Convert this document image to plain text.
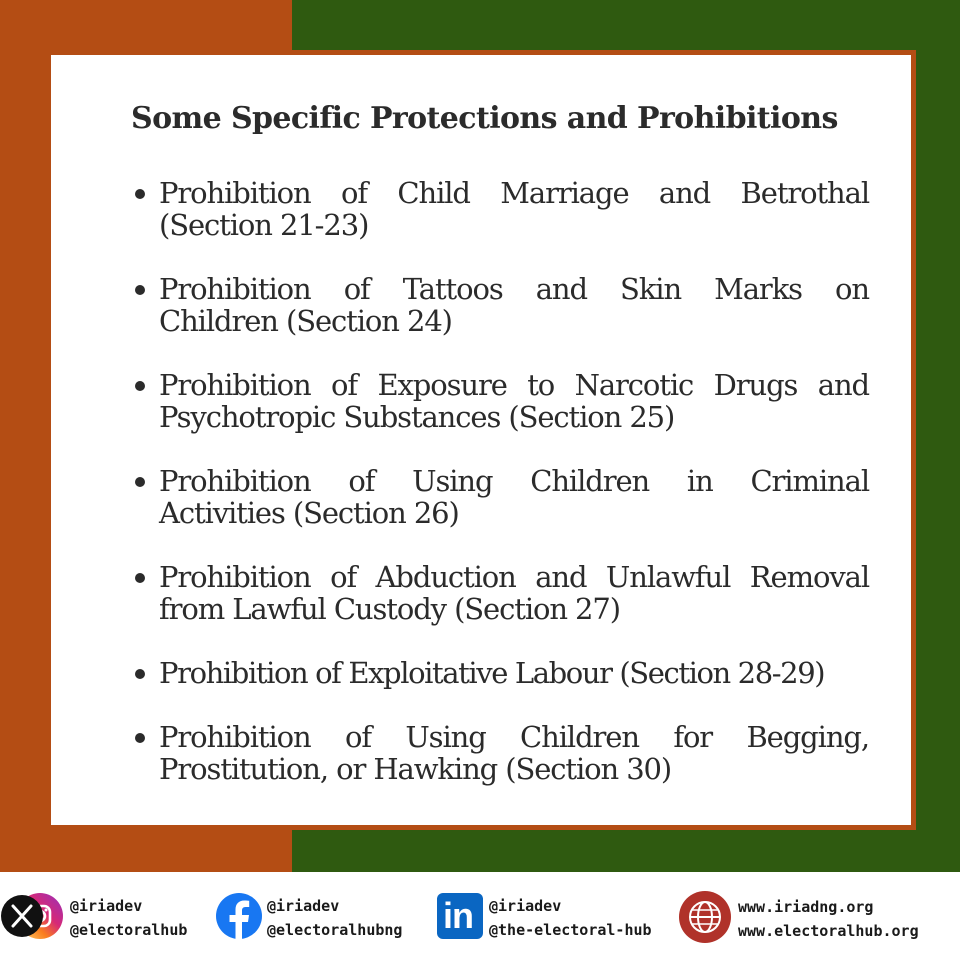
Some Specific Protections and Prohibitions
Prohibition of Child Marriage and Betrothal
(Section 21-23)
Prohibition of Tattoos and Skin Marks on
Children (Section 24)
Prohibition of Exposure to Narcotic Drugs and
Psychotropic Substances (Section 25)
Prohibition of Using Children in Criminal
Activities (Section 26)
Prohibition of Abduction and Unlawful Removal
from Lawful Custody (Section 27)
Prohibition of Exploitative Labour (Section 28-29)
Prohibition of Using Children for Begging,
Prostitution, or Hawking (Section 30)
@iriadev
@electoralhub
@iriadev
@electoralhubng in @iriadev
@the-electoral-hub
www.iriadng.org
www.electoralhub.org
